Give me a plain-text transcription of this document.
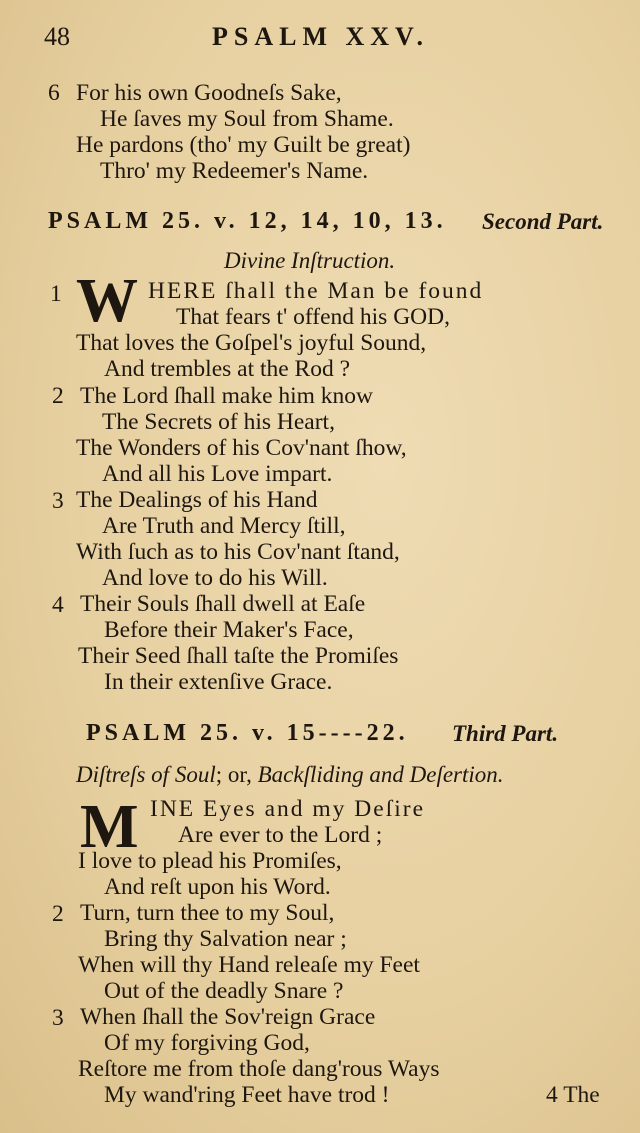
48	PSALM XXV.
6 For his own Goodneſs Sake,
He ſaves my Soul from Shame.
He pardons (tho' my Guilt be great)
Thro' my Redeemer's Name.
PSALM 25. v. 12, 14, 10, 13. Second Part.
Divine Inſtruction.
1 W HERE ſhall the Man be found
That fears t' offend his GOD,
That loves the Goſpel's joyful Sound,
And trembles at the Rod ?
2 The Lord ſhall make him know
The Secrets of his Heart,
The Wonders of his Cov'nant ſhow,
And all his Love impart.
3 The Dealings of his Hand
Are Truth and Mercy ſtill,
With ſuch as to his Cov'nant ſtand,
And love to do his Will.
4 Their Souls ſhall dwell at Eaſe
Before their Maker's Face,
Their Seed ſhall taſte the Promiſes
In their extenſive Grace.
PSALM 25. v. 15----22. Third Part.
Diſtreſs of Soul; or, Backſliding and Deſertion.
M INE Eyes and my Deſire
Are ever to the Lord ;
I love to plead his Promiſes,
And reſt upon his Word.
2 Turn, turn thee to my Soul,
Bring thy Salvation near ;
When will thy Hand releaſe my Feet
Out of the deadly Snare ?
3 When ſhall the Sov'reign Grace
Of my forgiving God,
Reſtore me from thoſe dang'rous Ways
My wand'ring Feet have trod !	4 The
